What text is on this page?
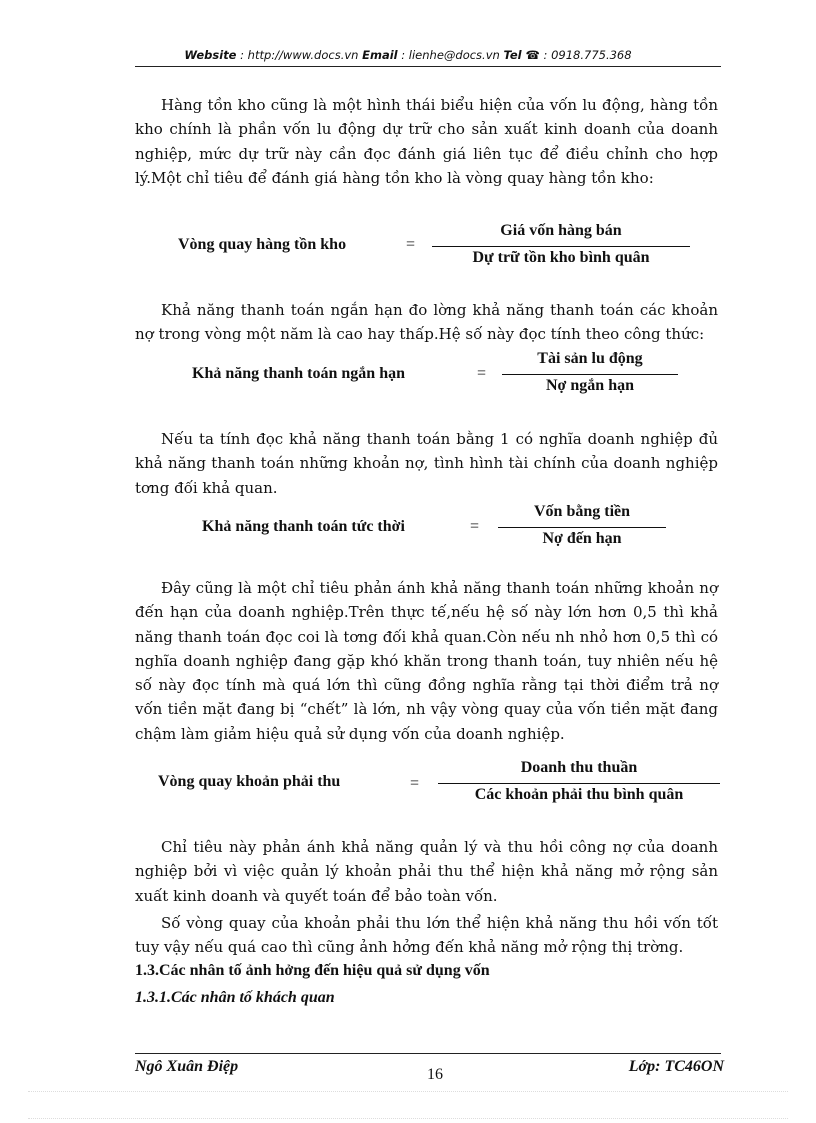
Website : http://www.docs.vn Email : lienhe@docs.vn Tel ☎ : 0918.775.368
Hàng tồn kho cũng là một hình thái biểu hiện của vốn lu động, hàng tồn kho chính là phần vốn lu động dự trữ cho sản xuất kinh doanh của doanh nghiệp, mức dự trữ này cần đọc đánh giá liên tục để điều chỉnh cho hợp lý.Một chỉ tiêu để đánh giá hàng tồn kho là vòng quay hàng tồn kho:
Vòng quay hàng tồn kho	=
Giá vốn hàng bán
Dự trữ tồn kho bình quân
Khả năng thanh toán ngắn hạn đo lờng khả năng thanh toán các khoản nợ trong vòng một năm là cao hay thấp.Hệ số này đọc tính theo công thức:
Khả năng thanh toán ngắn hạn	=
Tài sản lu động
Nợ ngắn hạn
Nếu ta tính đọc khả năng thanh toán bằng 1 có nghĩa doanh nghiệp đủ khả năng thanh toán những khoản nợ, tình hình tài chính của doanh nghiệp tơng đối khả quan.
Khả năng thanh toán tức thời	=
Vốn bằng tiền
Nợ đến hạn
Đây cũng là một chỉ tiêu phản ánh khả năng thanh toán những khoản nợ đến hạn của doanh nghiệp.Trên thực tế,nếu hệ số này lớn hơn 0,5 thì khả năng thanh toán đọc coi là tơng đối khả quan.Còn nếu nh nhỏ hơn 0,5 thì có nghĩa doanh nghiệp đang gặp khó khăn trong thanh toán, tuy nhiên nếu hệ số này đọc tính mà quá lớn thì cũng đồng nghĩa rằng tại thời điểm trả nợ vốn tiền mặt đang bị “chết” là lớn, nh vậy vòng quay của vốn tiền mặt đang chậm làm giảm hiệu quả sử dụng vốn của doanh nghiệp.
Vòng quay khoản phải thu	=
Doanh thu thuần
Các khoản phải thu bình quân
Chỉ tiêu này phản ánh khả năng quản lý và thu hồi công nợ của doanh nghiệp bởi vì việc quản lý khoản phải thu thể hiện khả năng mở rộng sản xuất kinh doanh và quyết toán để bảo toàn vốn.
Số vòng quay của khoản phải thu lớn thể hiện khả năng thu hồi vốn tốt tuy vậy nếu quá cao thì cũng ảnh hởng đến khả năng mở rộng thị trờng.
1.3.Các nhân tố ảnh hởng đến hiệu quả sử dụng vốn
1.3.1.Các nhân tố khách quan
Ngô Xuân Điệp	16	Lớp: TC46ON
